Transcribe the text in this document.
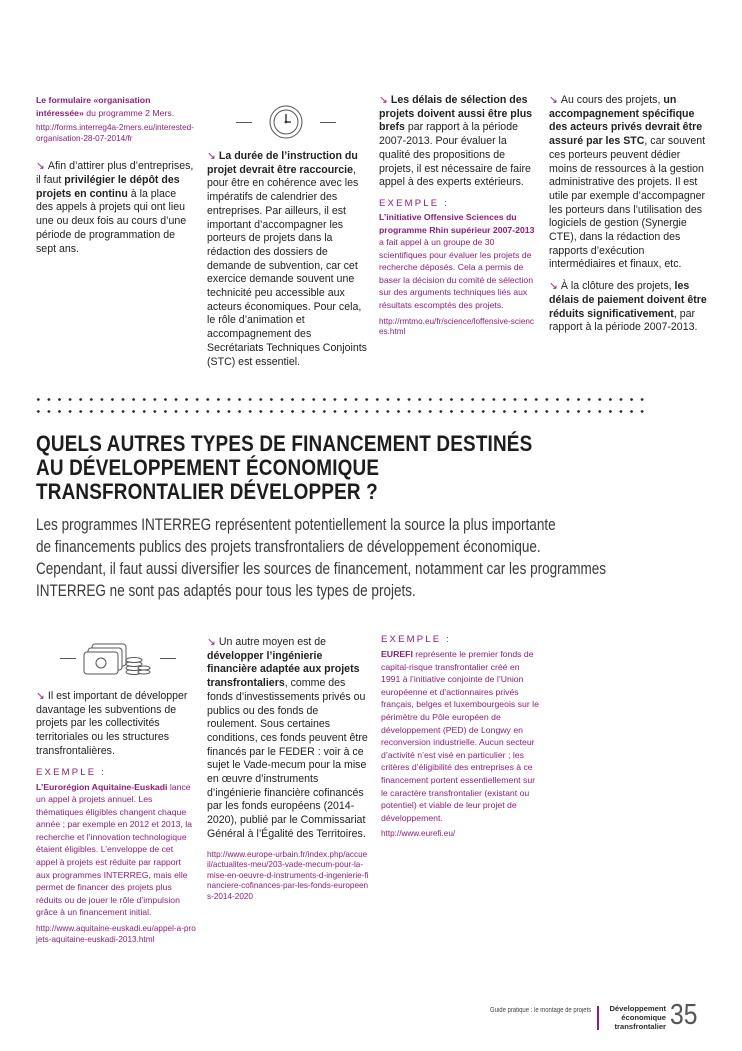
Le formulaire «organisation intéressée» du programme 2 Mers.
http://forms.interreg4a-2mers.eu/interested-organisation-28-07-2014/fr

↘ Afin d’attirer plus d’entreprises, il faut privilégier le dépôt des projets en continu à la place des appels à projets qui ont lieu une ou deux fois au cours d’une période de programmation de sept ans.

↘ La durée de l’instruction du projet devrait être raccourcie, pour être en cohérence avec les impératifs de calendrier des entreprises. Par ailleurs, il est important d’accompagner les porteurs de projets dans la rédaction des dossiers de demande de subvention, car cet exercice demande souvent une technicité peu accessible aux acteurs économiques. Pour cela, le rôle d’animation et accompagnement des Secrétariats Techniques Conjoints (STC) est essentiel.

↘ Les délais de sélection des projets doivent aussi être plus brefs par rapport à la période 2007-2013. Pour évaluer la qualité des propositions de projets, il est nécessaire de faire appel à des experts extérieurs.

EXEMPLE :

L’initiative Offensive Sciences du programme Rhin supérieur 2007-2013 a fait appel à un groupe de 30 scientifiques pour évaluer les projets de recherche déposés. Cela a permis de baser la décision du comité de sélection sur des arguments techniques liés aux résultats escomptés des projets.

http://rmtmo.eu/fr/science/loffensive-sciences.html

↘ Au cours des projets, un accompagnement spécifique des acteurs privés devrait être assuré par les STC, car souvent ces porteurs peuvent dédier moins de ressources à la gestion administrative des projets. Il est utile par exemple d’accompagner les porteurs dans l’utilisation des logiciels de gestion (Synergie CTE), dans la rédaction des rapports d’exécution intermédiaires et finaux, etc.

↘ À la clôture des projets, les délais de paiement doivent être réduits significativement, par rapport à la période 2007-2013.

QUELS AUTRES TYPES DE FINANCEMENT DESTINÉS
AU DÉVELOPPEMENT ÉCONOMIQUE
TRANSFRONTALIER DÉVELOPPER ?
Les programmes INTERREG représentent potentiellement la source la plus importante
de financements publics des projets transfrontaliers de développement économique.
Cependant, il faut aussi diversifier les sources de financement, notamment car les programmes
INTERREG ne sont pas adaptés pour tous les types de projets.

↘ Il est important de développer davantage les subventions de projets par les collectivités territoriales ou les structures transfrontalières.

EXEMPLE :

L’Eurorégion Aquitaine-Euskadi lance un appel à projets annuel. Les thématiques éligibles changent chaque année ; par exemple en 2012 et 2013, la recherche et l’innovation technologique étaient éligibles. L’enveloppe de cet appel à projets est réduite par rapport aux programmes INTERREG, mais elle permet de financer des projets plus réduits ou de jouer le rôle d’impulsion grâce à un financement initial.

http://www.aquitaine-euskadi.eu/appel-a-projets-aquitaine-euskadi-2013.html

↘ Un autre moyen est de développer l’ingénierie financière adaptée aux projets transfrontaliers, comme des fonds d’investissements privés ou publics ou des fonds de roulement. Sous certaines conditions, ces fonds peuvent être financés par le FEDER : voir à ce sujet le Vade-mecum pour la mise en œuvre d’instruments d’ingénierie financière cofinancés par les fonds européens (2014-2020), publié par le Commissariat Général à l’Égalité des Territoires.

http://www.europe-urbain.fr/index.php/accueil/actualites-meu/203-vade-mecum-pour-la-mise-en-oeuvre-d-instruments-d-ingenierie-financiere-cofinances-par-les-fonds-europeens-2014-2020
EXEMPLE :

EUREFI représente le premier fonds de capital-risque transfrontalier créé en 1991 à l’initiative conjointe de l’Union européenne et d’actionnaires privés français, belges et luxembourgeois sur le périmètre du Pôle européen de développement (PED) de Longwy en reconversion industrielle. Aucun secteur d’activité n’est visé en particulier ; les critères d’éligibilité des entreprises à ce financement portent essentiellement sur le caractère transfrontalier (existant ou potentiel) et viable de leur projet de développement.

http://www.eurefi.eu/
Guide pratique : le montage de projets	Développement
économique
transfrontalier 35
